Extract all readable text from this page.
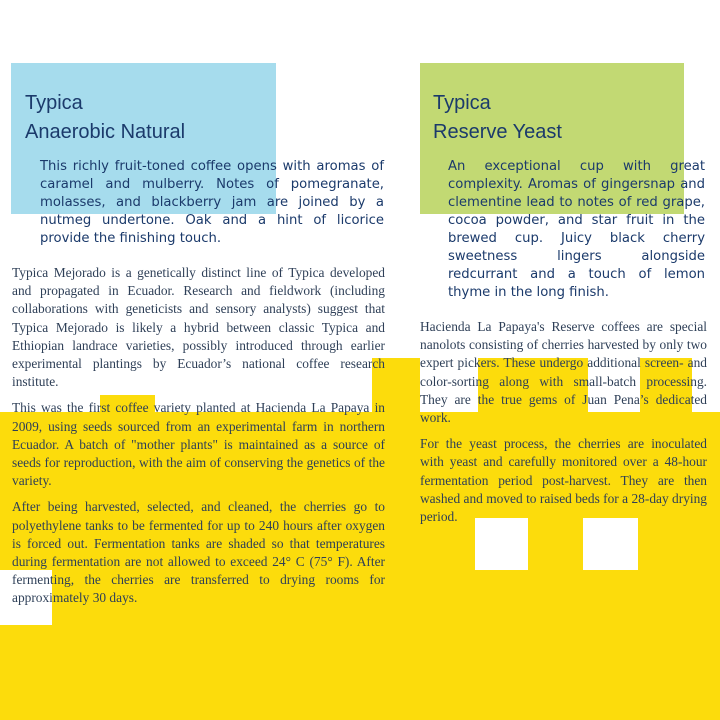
Typica
Anaerobic Natural

This richly fruit-toned coffee opens with aromas of caramel and mulberry. Notes of pomegranate, molasses, and blackberry jam are joined by a nutmeg undertone. Oak and a hint of licorice provide the finishing touch.

Typica Mejorado is a genetically distinct line of Typica developed and propagated in Ecuador. Research and fieldwork (including collaborations with geneticists and sensory analysts) suggest that Typica Mejorado is likely a hybrid between classic Typica and Ethiopian landrace varieties, possibly introduced through earlier experimental plantings by Ecuador’s national coffee research institute.

This was the first coffee variety planted at Hacienda La Papaya in 2009, using seeds sourced from an experimental farm in northern Ecuador. A batch of "mother plants" is maintained as a source of seeds for reproduction, with the aim of conserving the genetics of the variety.

After being harvested, selected, and cleaned, the cherries go to polyethylene tanks to be fermented for up to 240 hours after oxygen is forced out. Fermentation tanks are shaded so that temperatures during fermentation are not allowed to exceed 24° C (75° F). After fermenting, the cherries are transferred to drying rooms for approximately 30 days.

Typica
Reserve Yeast

An exceptional cup with great complexity. Aromas of gingersnap and clementine lead to notes of red grape, cocoa powder, and star fruit in the brewed cup. Juicy black cherry sweetness lingers alongside redcurrant and a touch of lemon thyme in the long finish.

Hacienda La Papaya's Reserve coffees are special nanolots consisting of cherries harvested by only two expert pickers. These undergo additional screen- and color-sorting along with small-batch processing. They are the true gems of Juan Pena’s dedicated work.

For the yeast process, the cherries are inoculated with yeast and carefully monitored over a 48-hour fermentation period post-harvest. They are then washed and moved to raised beds for a 28-day drying period.
